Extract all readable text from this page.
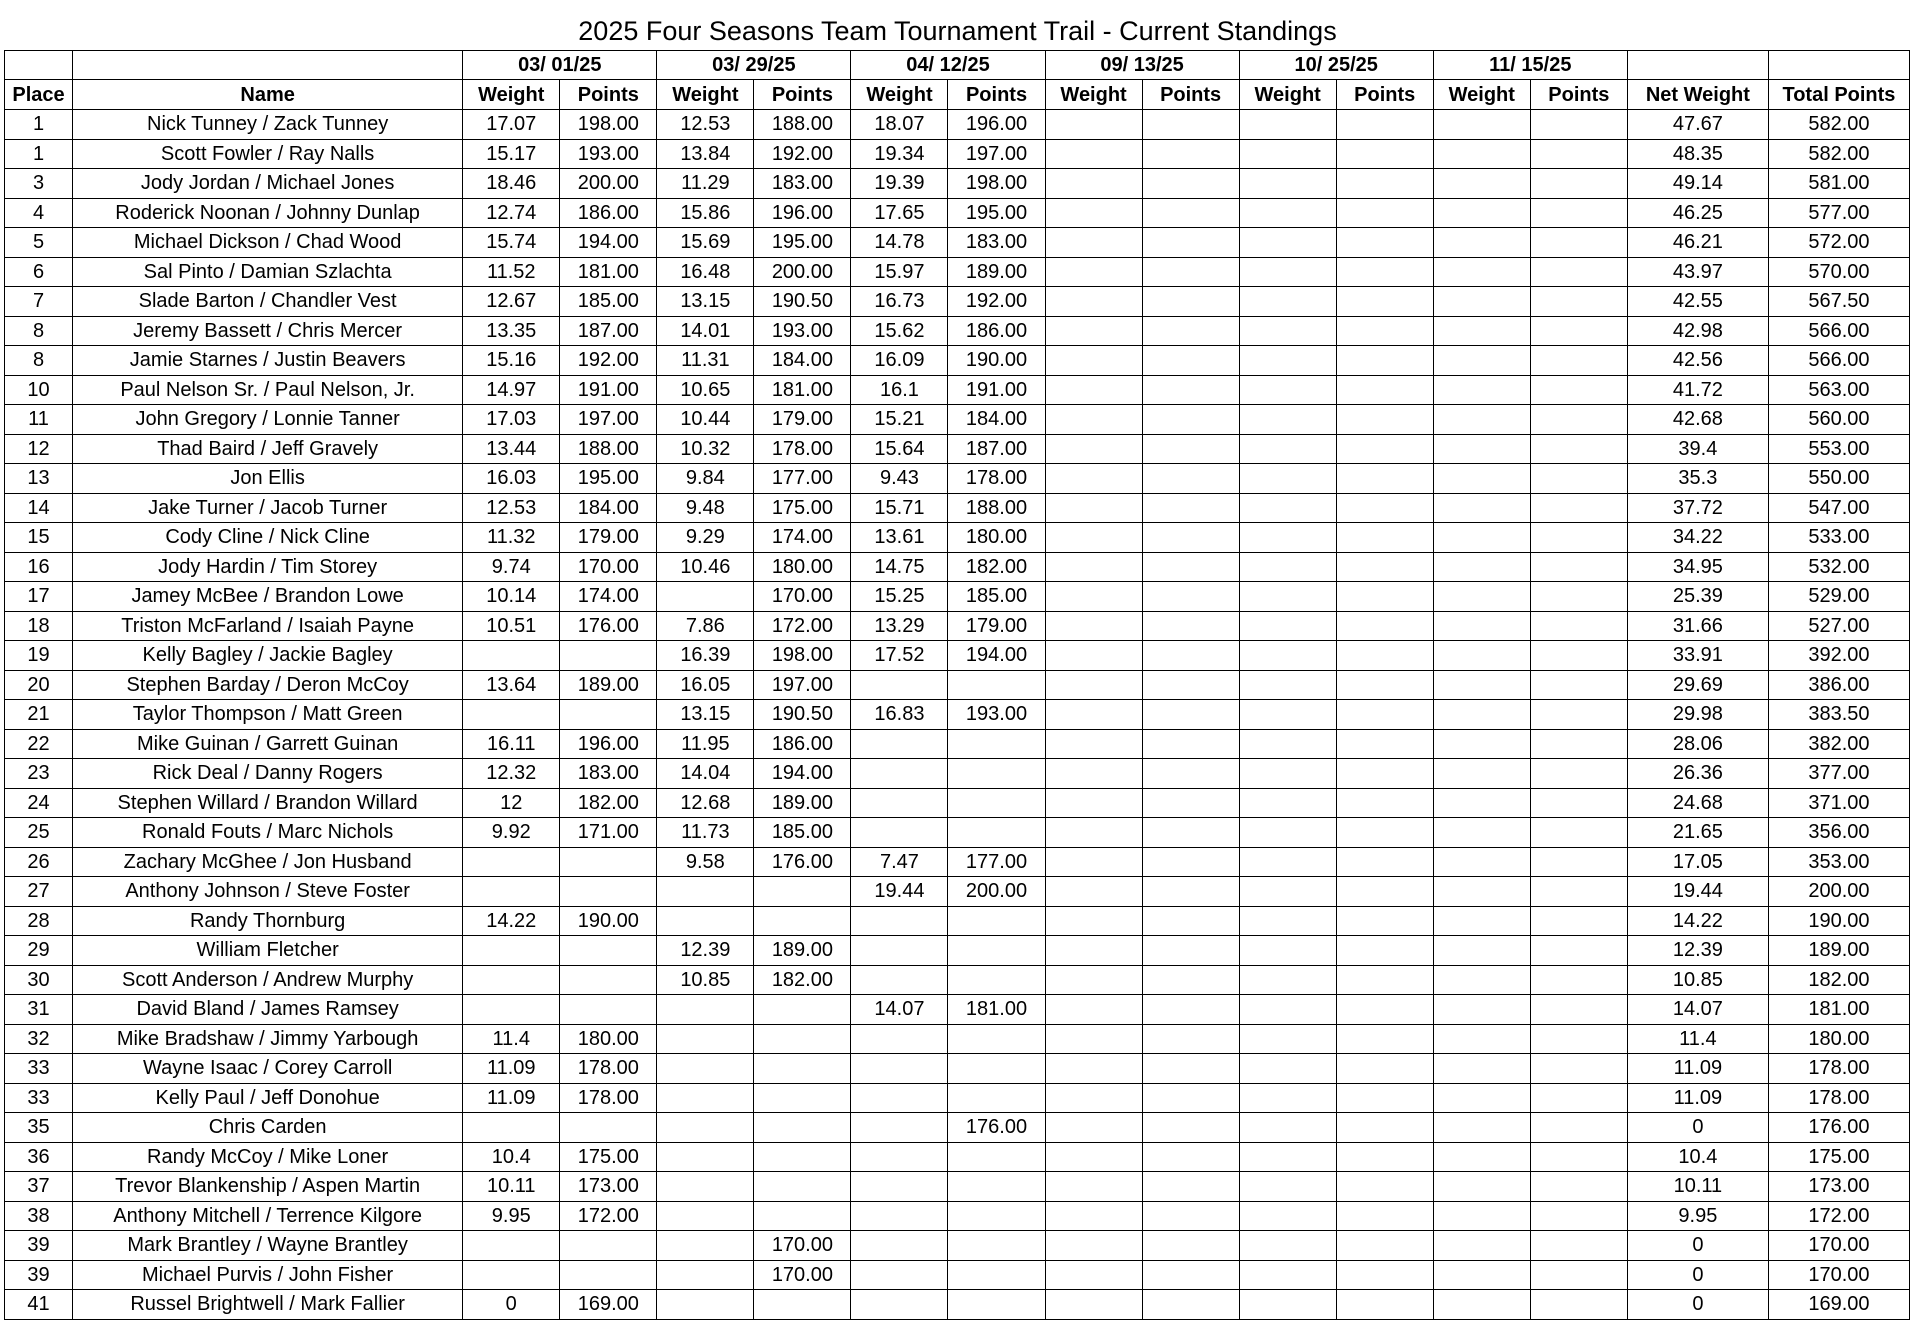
2025 Four Seasons Team Tournament Trail - Current Standings
		03/ 01/25		03/ 29/25		04/ 12/25		09/ 13/25		10/ 25/25		11/ 15/25			
Place	Name	Weight	Points	Weight	Points	Weight	Points	Weight	Points	Weight	Points	Weight	Points	Net Weight	Total Points
1	Nick Tunney / Zack Tunney	17.07	198.00	12.53	188.00	18.07	196.00							47.67	582.00
1	Scott Fowler / Ray Nalls	15.17	193.00	13.84	192.00	19.34	197.00							48.35	582.00
3	Jody Jordan / Michael Jones	18.46	200.00	11.29	183.00	19.39	198.00							49.14	581.00
4	Roderick Noonan / Johnny Dunlap	12.74	186.00	15.86	196.00	17.65	195.00							46.25	577.00
5	Michael Dickson / Chad Wood	15.74	194.00	15.69	195.00	14.78	183.00							46.21	572.00
6	Sal Pinto / Damian Szlachta	11.52	181.00	16.48	200.00	15.97	189.00							43.97	570.00
7	Slade Barton / Chandler Vest	12.67	185.00	13.15	190.50	16.73	192.00							42.55	567.50
8	Jeremy Bassett / Chris Mercer	13.35	187.00	14.01	193.00	15.62	186.00							42.98	566.00
8	Jamie Starnes / Justin Beavers	15.16	192.00	11.31	184.00	16.09	190.00							42.56	566.00
10	Paul Nelson Sr. / Paul Nelson, Jr.	14.97	191.00	10.65	181.00	16.1	191.00							41.72	563.00
11	John Gregory / Lonnie Tanner	17.03	197.00	10.44	179.00	15.21	184.00							42.68	560.00
12	Thad Baird / Jeff Gravely	13.44	188.00	10.32	178.00	15.64	187.00							39.4	553.00
13	Jon Ellis	16.03	195.00	9.84	177.00	9.43	178.00							35.3	550.00
14	Jake Turner / Jacob Turner	12.53	184.00	9.48	175.00	15.71	188.00							37.72	547.00
15	Cody Cline / Nick Cline	11.32	179.00	9.29	174.00	13.61	180.00							34.22	533.00
16	Jody Hardin / Tim Storey	9.74	170.00	10.46	180.00	14.75	182.00							34.95	532.00
17	Jamey McBee / Brandon Lowe	10.14	174.00		170.00	15.25	185.00							25.39	529.00
18	Triston McFarland / Isaiah Payne	10.51	176.00	7.86	172.00	13.29	179.00							31.66	527.00
19	Kelly Bagley / Jackie Bagley			16.39	198.00	17.52	194.00							33.91	392.00
20	Stephen Barday / Deron McCoy	13.64	189.00	16.05	197.00									29.69	386.00
21	Taylor Thompson / Matt Green			13.15	190.50	16.83	193.00							29.98	383.50
22	Mike Guinan / Garrett Guinan	16.11	196.00	11.95	186.00									28.06	382.00
23	Rick Deal / Danny Rogers	12.32	183.00	14.04	194.00									26.36	377.00
24	Stephen Willard / Brandon Willard	12	182.00	12.68	189.00									24.68	371.00
25	Ronald Fouts / Marc Nichols	9.92	171.00	11.73	185.00									21.65	356.00
26	Zachary McGhee / Jon Husband			9.58	176.00	7.47	177.00							17.05	353.00
27	Anthony Johnson / Steve Foster					19.44	200.00							19.44	200.00
28	Randy Thornburg	14.22	190.00											14.22	190.00
29	William Fletcher			12.39	189.00									12.39	189.00
30	Scott Anderson / Andrew Murphy			10.85	182.00									10.85	182.00
31	David Bland / James Ramsey					14.07	181.00							14.07	181.00
32	Mike Bradshaw / Jimmy Yarbough	11.4	180.00											11.4	180.00
33	Wayne Isaac / Corey Carroll	11.09	178.00											11.09	178.00
33	Kelly Paul / Jeff Donohue	11.09	178.00											11.09	178.00
35	Chris Carden						176.00							0	176.00
36	Randy McCoy / Mike Loner	10.4	175.00											10.4	175.00
37	Trevor Blankenship / Aspen Martin	10.11	173.00											10.11	173.00
38	Anthony Mitchell / Terrence Kilgore	9.95	172.00											9.95	172.00
39	Mark Brantley / Wayne Brantley				170.00									0	170.00
39	Michael Purvis / John Fisher				170.00									0	170.00
41	Russel Brightwell / Mark Fallier	0	169.00											0	169.00
